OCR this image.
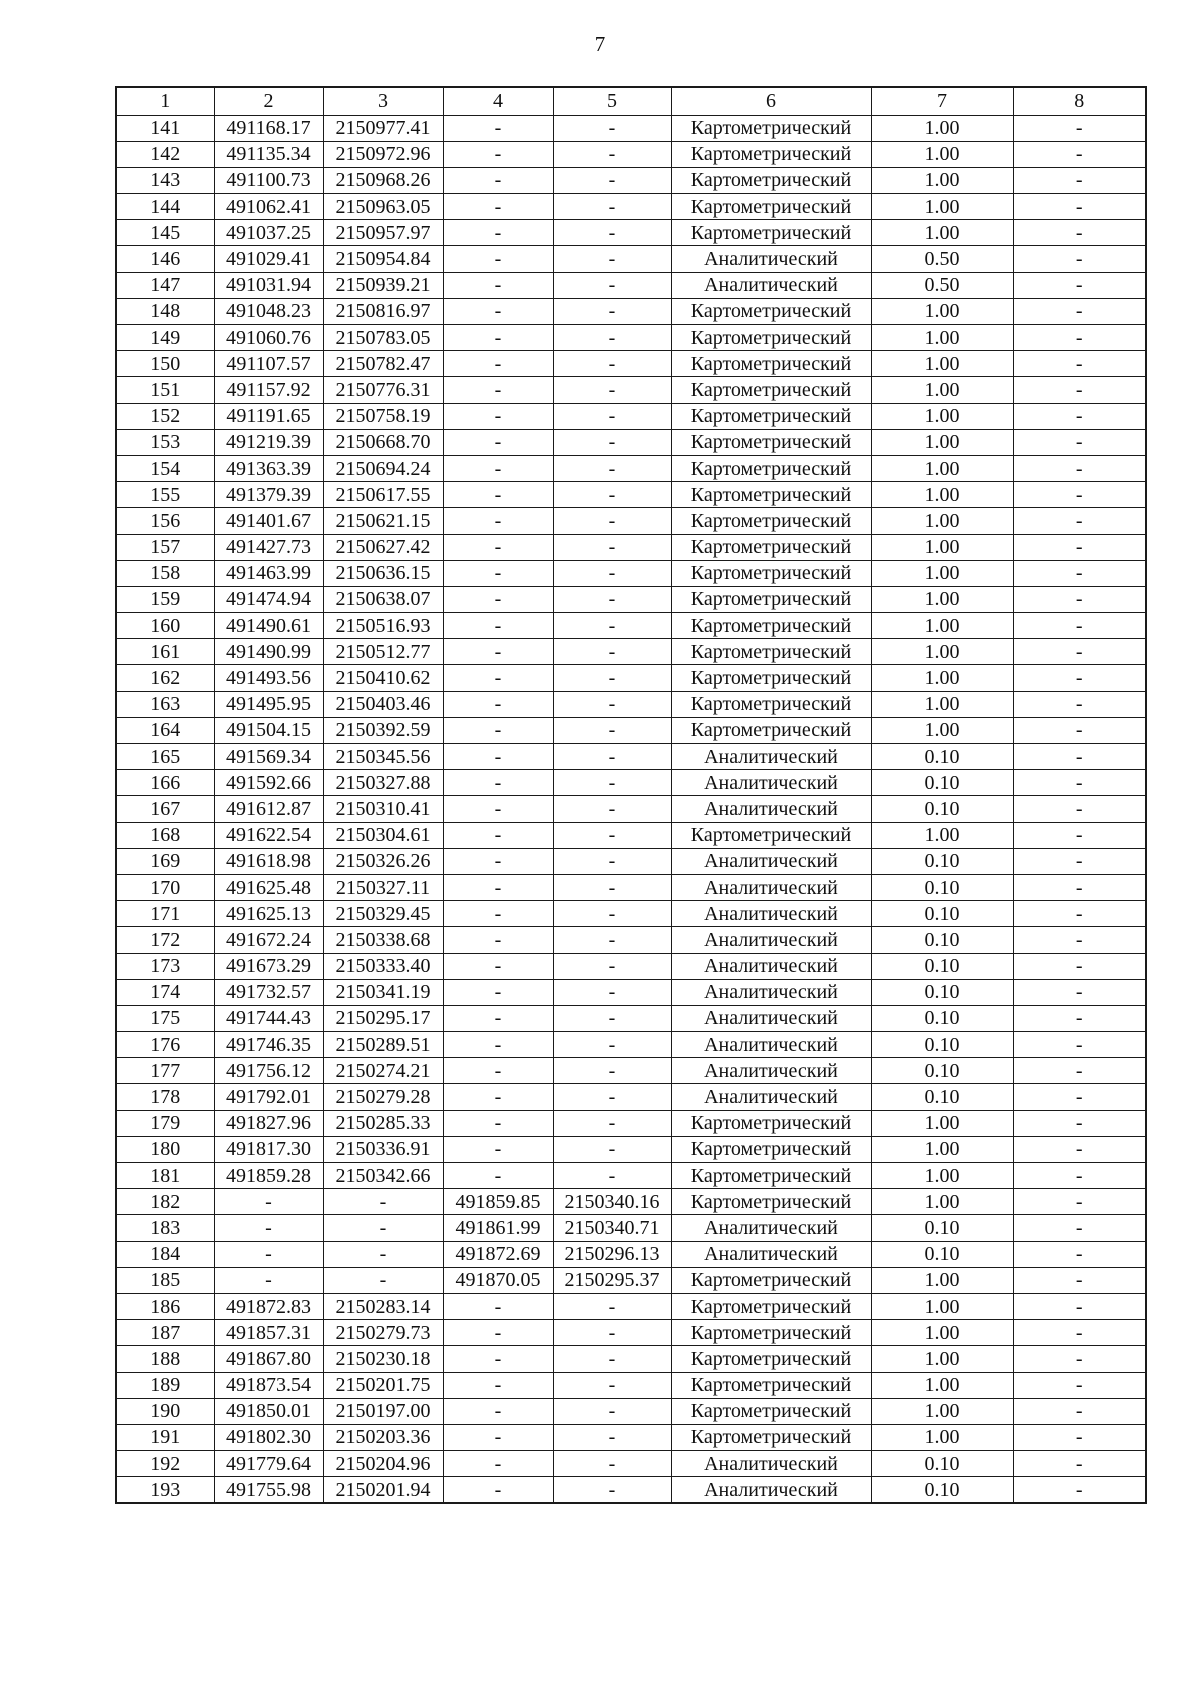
7
1	2	3	4	5	6	7	8
141	491168.17	2150977.41	-	-	Картометрический	1.00	-
142	491135.34	2150972.96	-	-	Картометрический	1.00	-
143	491100.73	2150968.26	-	-	Картометрический	1.00	-
144	491062.41	2150963.05	-	-	Картометрический	1.00	-
145	491037.25	2150957.97	-	-	Картометрический	1.00	-
146	491029.41	2150954.84	-	-	Аналитический	0.50	-
147	491031.94	2150939.21	-	-	Аналитический	0.50	-
148	491048.23	2150816.97	-	-	Картометрический	1.00	-
149	491060.76	2150783.05	-	-	Картометрический	1.00	-
150	491107.57	2150782.47	-	-	Картометрический	1.00	-
151	491157.92	2150776.31	-	-	Картометрический	1.00	-
152	491191.65	2150758.19	-	-	Картометрический	1.00	-
153	491219.39	2150668.70	-	-	Картометрический	1.00	-
154	491363.39	2150694.24	-	-	Картометрический	1.00	-
155	491379.39	2150617.55	-	-	Картометрический	1.00	-
156	491401.67	2150621.15	-	-	Картометрический	1.00	-
157	491427.73	2150627.42	-	-	Картометрический	1.00	-
158	491463.99	2150636.15	-	-	Картометрический	1.00	-
159	491474.94	2150638.07	-	-	Картометрический	1.00	-
160	491490.61	2150516.93	-	-	Картометрический	1.00	-
161	491490.99	2150512.77	-	-	Картометрический	1.00	-
162	491493.56	2150410.62	-	-	Картометрический	1.00	-
163	491495.95	2150403.46	-	-	Картометрический	1.00	-
164	491504.15	2150392.59	-	-	Картометрический	1.00	-
165	491569.34	2150345.56	-	-	Аналитический	0.10	-
166	491592.66	2150327.88	-	-	Аналитический	0.10	-
167	491612.87	2150310.41	-	-	Аналитический	0.10	-
168	491622.54	2150304.61	-	-	Картометрический	1.00	-
169	491618.98	2150326.26	-	-	Аналитический	0.10	-
170	491625.48	2150327.11	-	-	Аналитический	0.10	-
171	491625.13	2150329.45	-	-	Аналитический	0.10	-
172	491672.24	2150338.68	-	-	Аналитический	0.10	-
173	491673.29	2150333.40	-	-	Аналитический	0.10	-
174	491732.57	2150341.19	-	-	Аналитический	0.10	-
175	491744.43	2150295.17	-	-	Аналитический	0.10	-
176	491746.35	2150289.51	-	-	Аналитический	0.10	-
177	491756.12	2150274.21	-	-	Аналитический	0.10	-
178	491792.01	2150279.28	-	-	Аналитический	0.10	-
179	491827.96	2150285.33	-	-	Картометрический	1.00	-
180	491817.30	2150336.91	-	-	Картометрический	1.00	-
181	491859.28	2150342.66	-	-	Картометрический	1.00	-
182	-	-	491859.85	2150340.16	Картометрический	1.00	-
183	-	-	491861.99	2150340.71	Аналитический	0.10	-
184	-	-	491872.69	2150296.13	Аналитический	0.10	-
185	-	-	491870.05	2150295.37	Картометрический	1.00	-
186	491872.83	2150283.14	-	-	Картометрический	1.00	-
187	491857.31	2150279.73	-	-	Картометрический	1.00	-
188	491867.80	2150230.18	-	-	Картометрический	1.00	-
189	491873.54	2150201.75	-	-	Картометрический	1.00	-
190	491850.01	2150197.00	-	-	Картометрический	1.00	-
191	491802.30	2150203.36	-	-	Картометрический	1.00	-
192	491779.64	2150204.96	-	-	Аналитический	0.10	-
193	491755.98	2150201.94	-	-	Аналитический	0.10	-
